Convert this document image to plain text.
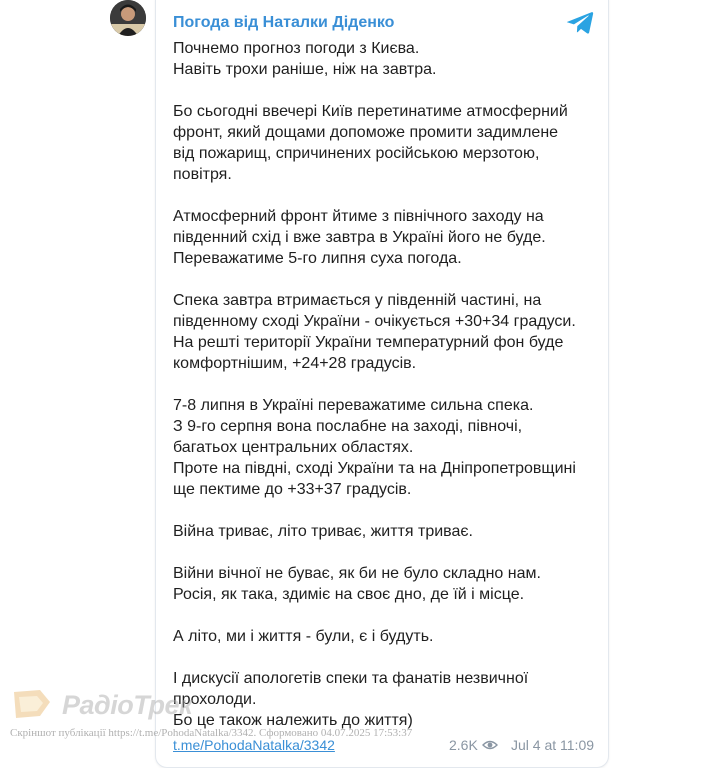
Погода від Наталки Діденко

Почнемо прогноз погоди з Києва.
Навіть трохи раніше, ніж на завтра.

Бо сьогодні ввечері Київ перетинатиме атмосферний
фронт, який дощами допоможе промити задимлене
від пожарищ, спричинених російською мерзотою,
повітря.

Атмосферний фронт йтиме з північного заходу на
південний схід і вже завтра в Україні його не буде.
Переважатиме 5-го липня суха погода.

Спека завтра втримається у південній частині, на
південному сході України - очікується +30+34 градуси.
На решті території України температурний фон буде
комфортнішим, +24+28 градусів.

7-8 липня в Україні переважатиме сильна спека.
З 9-го серпня вона послабне на заході, півночі,
багатьох центральних областях.
Проте на півдні, сході України та на Дніпропетровщині
ще пектиме до +33+37 градусів.

Війна триває, літо триває, життя триває.

Війни вічної не буває, як би не було складно нам.
Росія, як така, здиміє на своє дно, де їй і місце.

А літо, ми і життя - були, є і будуть.

І дискусії апологетів спеки та фанатів незвичної
прохолоди.
Бо це також належить до життя)

t.me/PohodaNatalka/3342	2.6K Jul 4 at 11:09
РадіоТрек
Скріншот публікації https://t.me/PohodaNatalka/3342. Сформовано 04.07.2025 17:53:37
